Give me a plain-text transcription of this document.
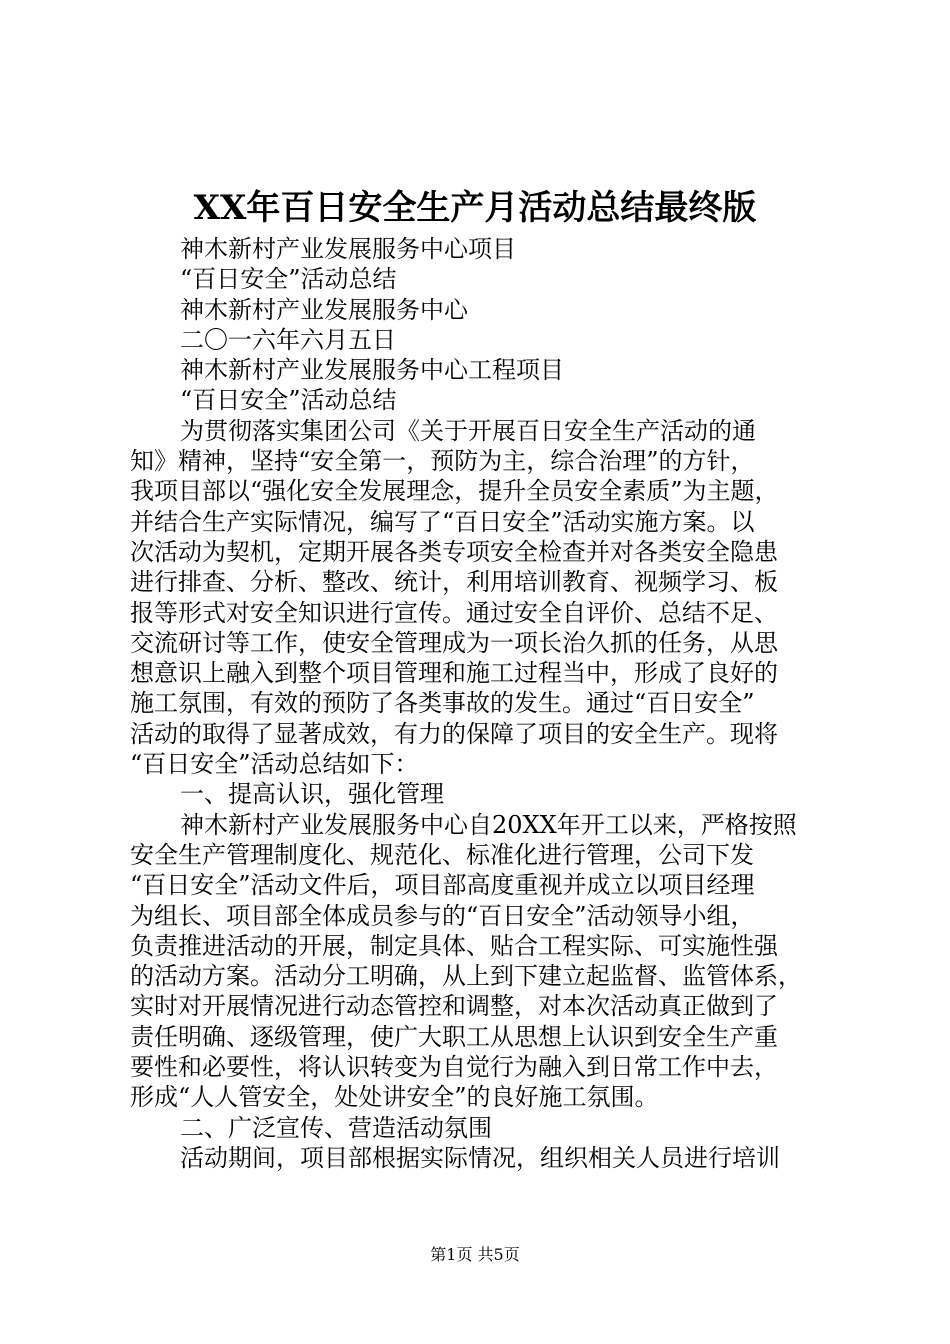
XX年百日安全生产月活动总结最终版
神木新村产业发展服务中心项目
“百日安全”活动总结
神木新村产业发展服务中心
二〇一六年六月五日
神木新村产业发展服务中心工程项目
“百日安全”活动总结
为贯彻落实集团公司《关于开展百日安全生产活动的通
知》精神，坚持“安全第一，预防为主，综合治理”的方针，
我项目部以“强化安全发展理念，提升全员安全素质”为主题，
并结合生产实际情况，编写了“百日安全”活动实施方案。以
次活动为契机，定期开展各类专项安全检查并对各类安全隐患
进行排查、分析、整改、统计，利用培训教育、视频学习、板
报等形式对安全知识进行宣传。通过安全自评价、总结不足、
交流研讨等工作，使安全管理成为一项长治久抓的任务，从思
想意识上融入到整个项目管理和施工过程当中，形成了良好的
施工氛围，有效的预防了各类事故的发生。通过“百日安全”
活动的取得了显著成效，有力的保障了项目的安全生产。现将
“百日安全”活动总结如下：
一、提高认识，强化管理
神木新村产业发展服务中心自20XX年开工以来，严格按照
安全生产管理制度化、规范化、标准化进行管理，公司下发
“百日安全”活动文件后，项目部高度重视并成立以项目经理
为组长、项目部全体成员参与的“百日安全”活动领导小组，
负责推进活动的开展，制定具体、贴合工程实际、可实施性强
的活动方案。活动分工明确，从上到下建立起监督、监管体系，
实时对开展情况进行动态管控和调整，对本次活动真正做到了
责任明确、逐级管理，使广大职工从思想上认识到安全生产重
要性和必要性，将认识转变为自觉行为融入到日常工作中去，
形成“人人管安全，处处讲安全”的良好施工氛围。
二、广泛宣传、营造活动氛围
活动期间，项目部根据实际情况，组织相关人员进行培训
第1页 共5页
